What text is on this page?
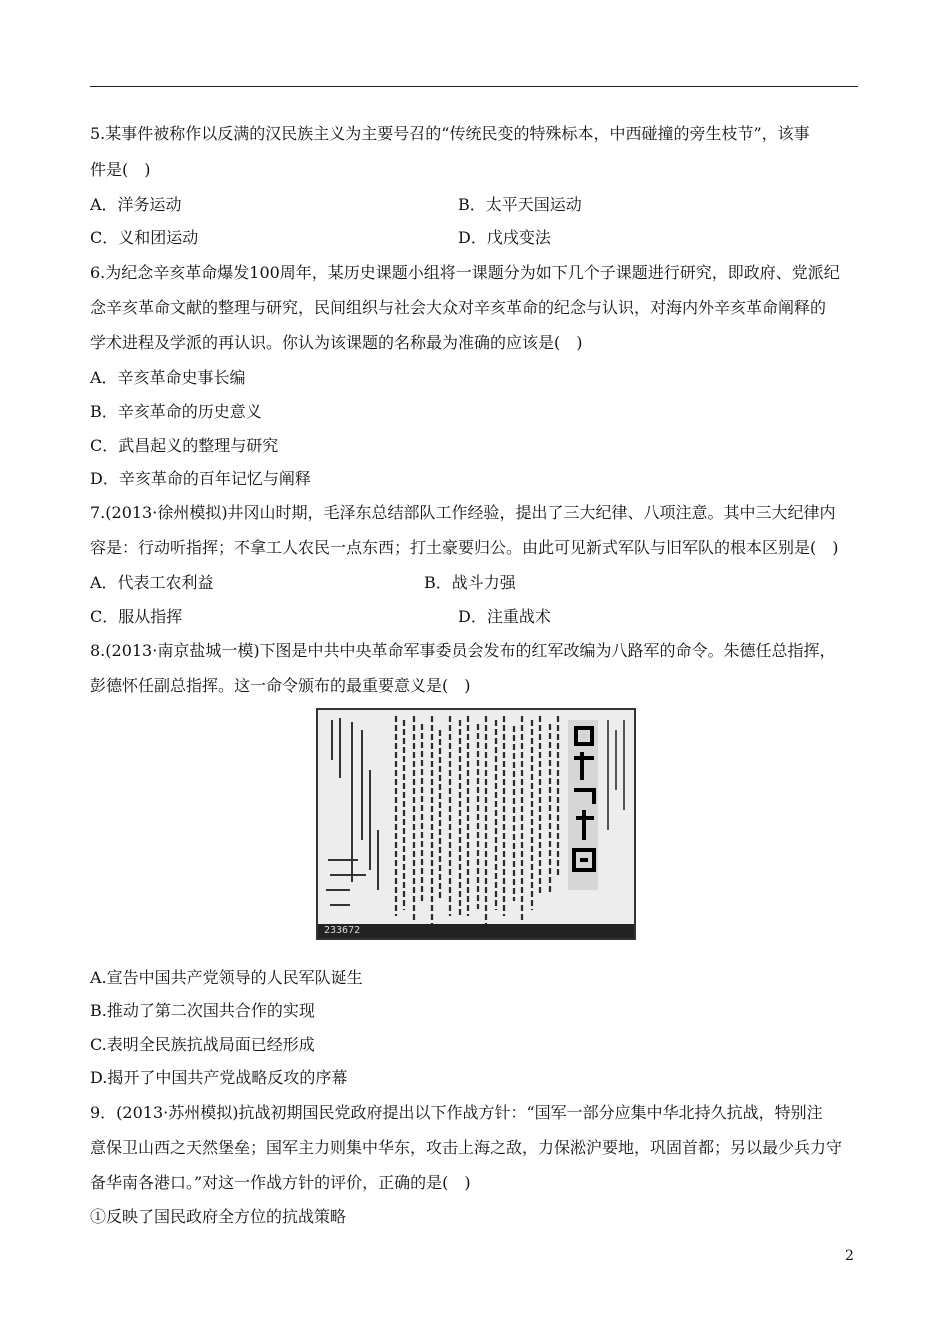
5.某事件被称作以反满的汉民族主义为主要号召的“传统民变的特殊标本，中西碰撞的旁生枝节”，该事
件是(　)
A．洋务运动	B．太平天国运动
C．义和团运动	D．戊戌变法
6.为纪念辛亥革命爆发100周年，某历史课题小组将一课题分为如下几个子课题进行研究，即政府、党派纪
念辛亥革命文献的整理与研究，民间组织与社会大众对辛亥革命的纪念与认识，对海内外辛亥革命阐释的
学术进程及学派的再认识。你认为该课题的名称最为准确的应该是(　)
A．辛亥革命史事长编
B．辛亥革命的历史意义
C．武昌起义的整理与研究
D．辛亥革命的百年记忆与阐释
7.(2013·徐州模拟)井冈山时期，毛泽东总结部队工作经验，提出了三大纪律、八项注意。其中三大纪律内
容是：行动听指挥；不拿工人农民一点东西；打土豪要归公。由此可见新式军队与旧军队的根本区别是(　)
A．代表工农利益	B．战斗力强
C．服从指挥	D．注重战术
8.(2013·南京盐城一模)下图是中共中央革命军事委员会发布的红军改编为八路军的命令。朱德任总指挥，
彭德怀任副总指挥。这一命令颁布的最重要意义是(　)
233672
A.宣告中国共产党领导的人民军队诞生
B.推动了第二次国共合作的实现
C.表明全民族抗战局面已经形成
D.揭开了中国共产党战略反攻的序幕
9．(2013·苏州模拟)抗战初期国民党政府提出以下作战方针：“国军一部分应集中华北持久抗战，特别注
意保卫山西之天然堡垒；国军主力则集中华东，攻击上海之敌，力保淞沪要地，巩固首都；另以最少兵力守
备华南各港口。”对这一作战方针的评价，正确的是(　)
①反映了国民政府全方位的抗战策略
2
